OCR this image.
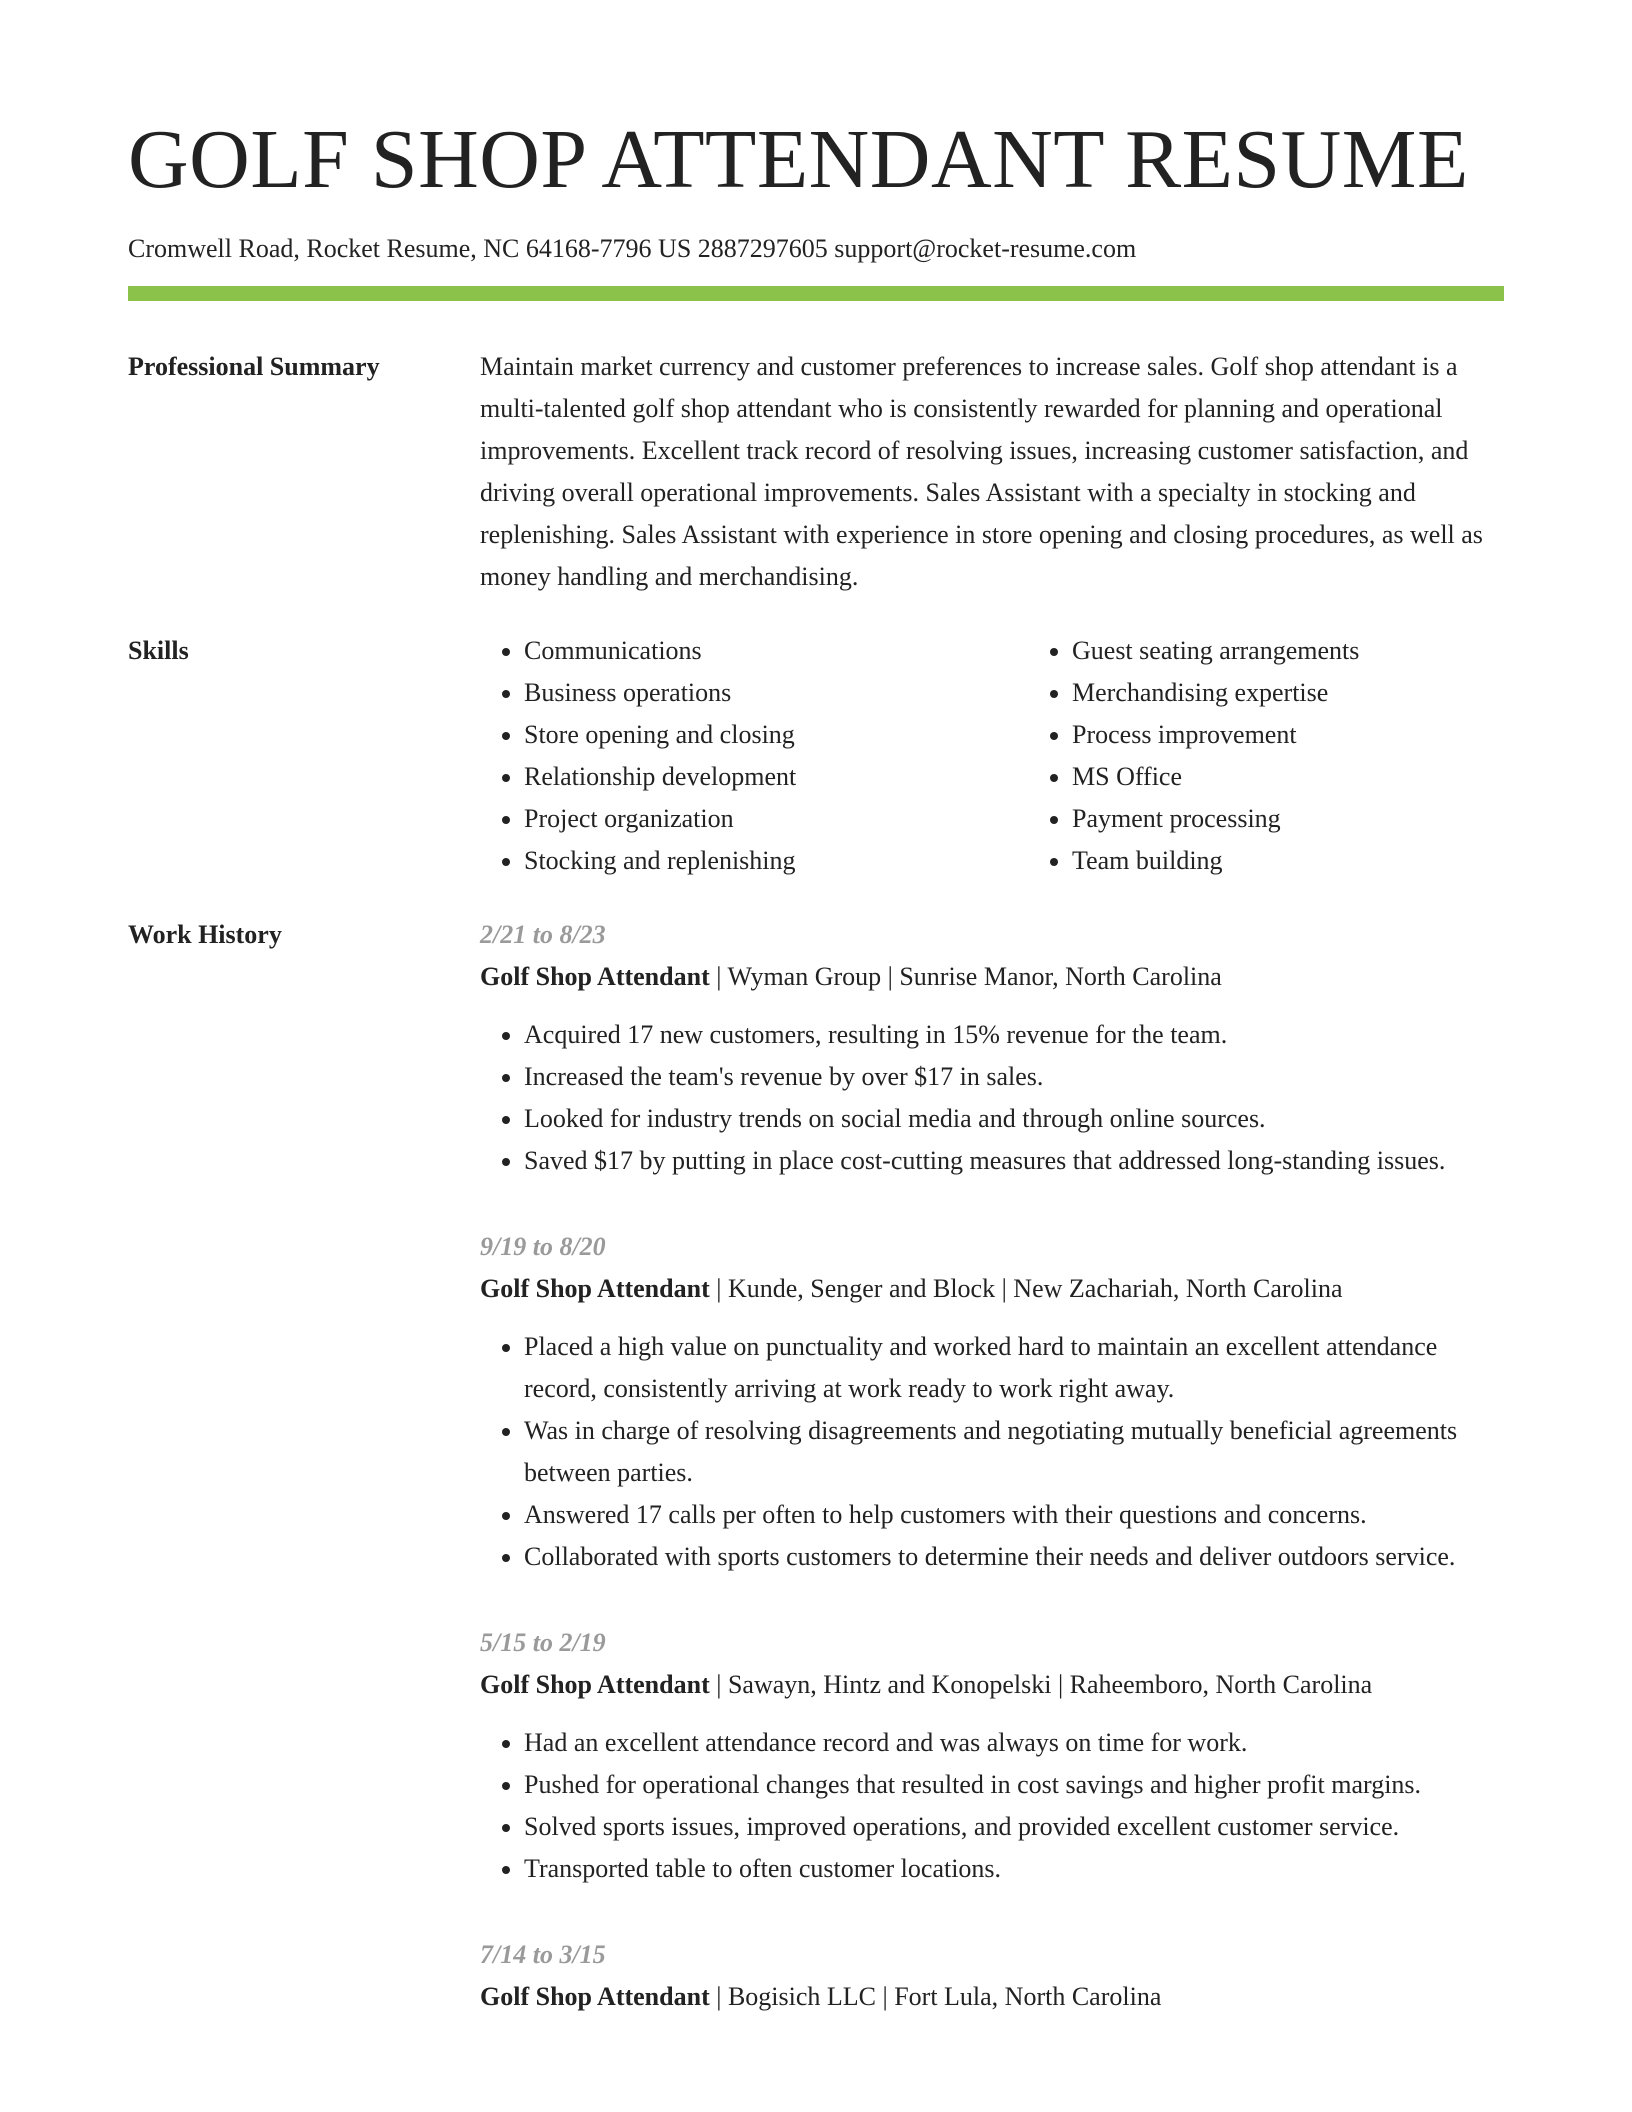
GOLF SHOP ATTENDANT RESUME
Cromwell Road, Rocket Resume, NC 64168-7796 US 2887297605 support@rocket-resume.com
Professional Summary	Maintain market currency and customer preferences to increase sales. Golf shop attendant is a multi-talented golf shop attendant who is consistently rewarded for planning and operational improvements. Excellent track record of resolving issues, increasing customer satisfaction, and driving overall operational improvements. Sales Assistant with a specialty in stocking and replenishing. Sales Assistant with experience in store opening and closing procedures, as well as money handling and merchandising.

Skills
•	Communications
• Business operations
• Store opening and closing
• Relationship development
• Project organization
• Stocking and replenishing
• Guest seating arrangements
• Merchandising expertise
• Process improvement
• MS Office
• Payment processing
• Team building
Work History	2/21 to 8/23
Golf Shop Attendant | Wyman Group | Sunrise Manor, North Carolina
• Acquired 17 new customers, resulting in 15% revenue for the team.
• Increased the team's revenue by over $17 in sales.
• Looked for industry trends on social media and through online sources.
• Saved $17 by putting in place cost-cutting measures that addressed long-standing issues.
9/19 to 8/20
Golf Shop Attendant | Kunde, Senger and Block | New Zachariah, North Carolina
• Placed a high value on punctuality and worked hard to maintain an excellent attendance record, consistently arriving at work ready to work right away.
• Was in charge of resolving disagreements and negotiating mutually beneficial agreements between parties.
• Answered 17 calls per often to help customers with their questions and concerns.
• Collaborated with sports customers to determine their needs and deliver outdoors service.
5/15 to 2/19
Golf Shop Attendant | Sawayn, Hintz and Konopelski | Raheemboro, North Carolina
• Had an excellent attendance record and was always on time for work.
• Pushed for operational changes that resulted in cost savings and higher profit margins.
• Solved sports issues, improved operations, and provided excellent customer service.
• Transported table to often customer locations.
7/14 to 3/15
Golf Shop Attendant | Bogisich LLC | Fort Lula, North Carolina
